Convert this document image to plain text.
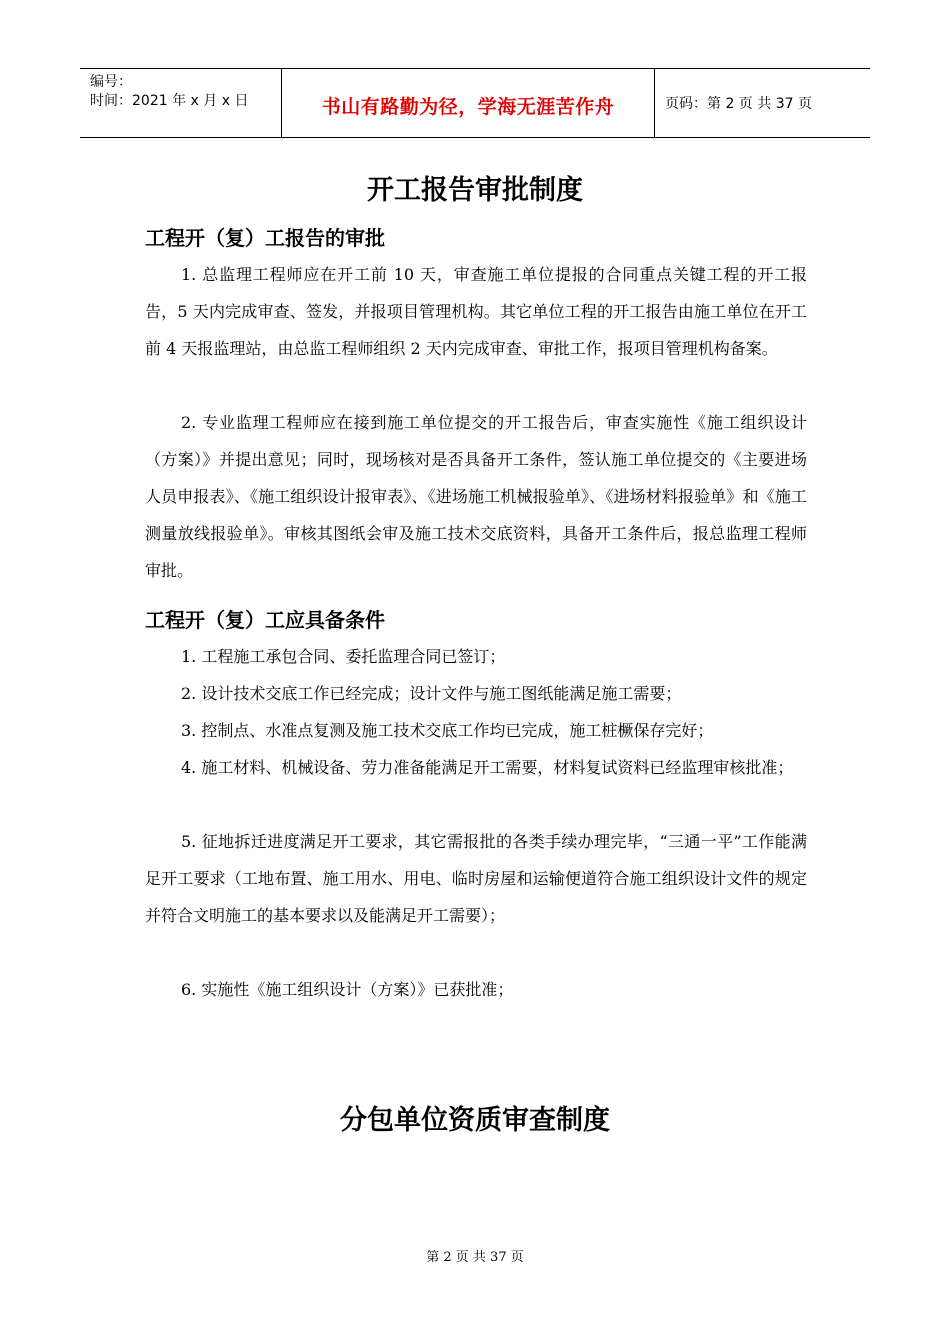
编号：
时间：2021 年 x 月 x 日	书山有路勤为径，学海无涯苦作舟	页码：第 2 页 共 37 页
开工报告审批制度
工程开（复）工报告的审批

1. 总监理工程师应在开工前 10 天，审查施工单位提报的合同重点关键工程的开工报告，5 天内完成审查、签发，并报项目管理机构。其它单位工程的开工报告由施工单位在开工前 4 天报监理站，由总监工程师组织 2 天内完成审查、审批工作，报项目管理机构备案。

2. 专业监理工程师应在接到施工单位提交的开工报告后，审查实施性《施工组织设计（方案）》并提出意见；同时，现场核对是否具备开工条件，签认施工单位提交的《主要进场人员申报表》、《施工组织设计报审表》、《进场施工机械报验单》、《进场材料报验单》和《施工测量放线报验单》。审核其图纸会审及施工技术交底资料，具备开工条件后，报总监理工程师审批。

工程开（复）工应具备条件

1. 工程施工承包合同、委托监理合同已签订；

2. 设计技术交底工作已经完成；设计文件与施工图纸能满足施工需要；

3. 控制点、水准点复测及施工技术交底工作均已完成，施工桩橛保存完好；

4. 施工材料、机械设备、劳力准备能满足开工需要，材料复试资料已经监理审核批准；

5. 征地拆迁进度满足开工要求，其它需报批的各类手续办理完毕，“三通一平”工作能满足开工要求（工地布置、施工用水、用电、临时房屋和运输便道符合施工组织设计文件的规定并符合文明施工的基本要求以及能满足开工需要）；

6. 实施性《施工组织设计（方案）》已获批准；

分包单位资质审查制度
第 2 页 共 37 页
